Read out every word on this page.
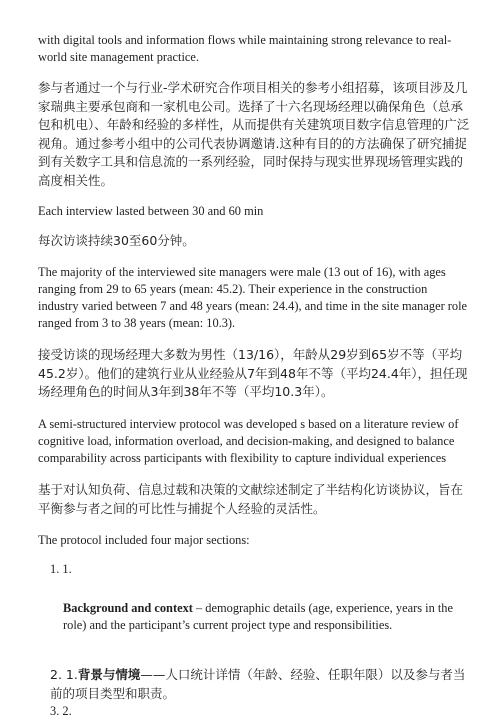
with digital tools and information flows while maintaining strong relevance to real-world site management practice.

参与者通过一个与行业-学术研究合作项目相关的参考小组招募，该项目涉及几家瑞典主要承包商和一家机电公司。选择了十六名现场经理以确保角色（总承包和机电）、年龄和经验的多样性，从而提供有关建筑项目数字信息管理的广泛视角。通过参考小组中的公司代表协调邀请.这种有目的的方法确保了研究捕捉到有关数字工具和信息流的一系列经验，同时保持与现实世界现场管理实践的高度相关性。

Each interview lasted between 30 and 60 min

每次访谈持续30至60分钟。

The majority of the interviewed site managers were male (13 out of 16), with ages ranging from 29 to 65 years (mean: 45.2). Their experience in the construction industry varied between 7 and 48 years (mean: 24.4), and time in the site manager role ranged from 3 to 38 years (mean: 10.3).

接受访谈的现场经理大多数为男性（13/16），年龄从29岁到65岁不等（平均45.2岁）。他们的建筑行业从业经验从7年到48年不等（平均24.4年），担任现场经理角色的时间从3年到38年不等（平均10.3年）。

A semi-structured interview protocol was developed s based on a literature review of cognitive load, information overload, and decision-making, and designed to balance comparability across participants with flexibility to capture individual experiences

基于对认知负荷、信息过载和决策的文献综述制定了半结构化访谈协议，旨在平衡参与者之间的可比性与捕捉个人经验的灵活性。

The protocol included four major sections:

1. 1.

Background and context – demographic details (age, experience, years in the role) and the participant’s current project type and responsibilities.

2. 1.背景与情境——人口统计详情（年龄、经验、任职年限）以及参与者当前的项目类型和职责。

3. 2.
